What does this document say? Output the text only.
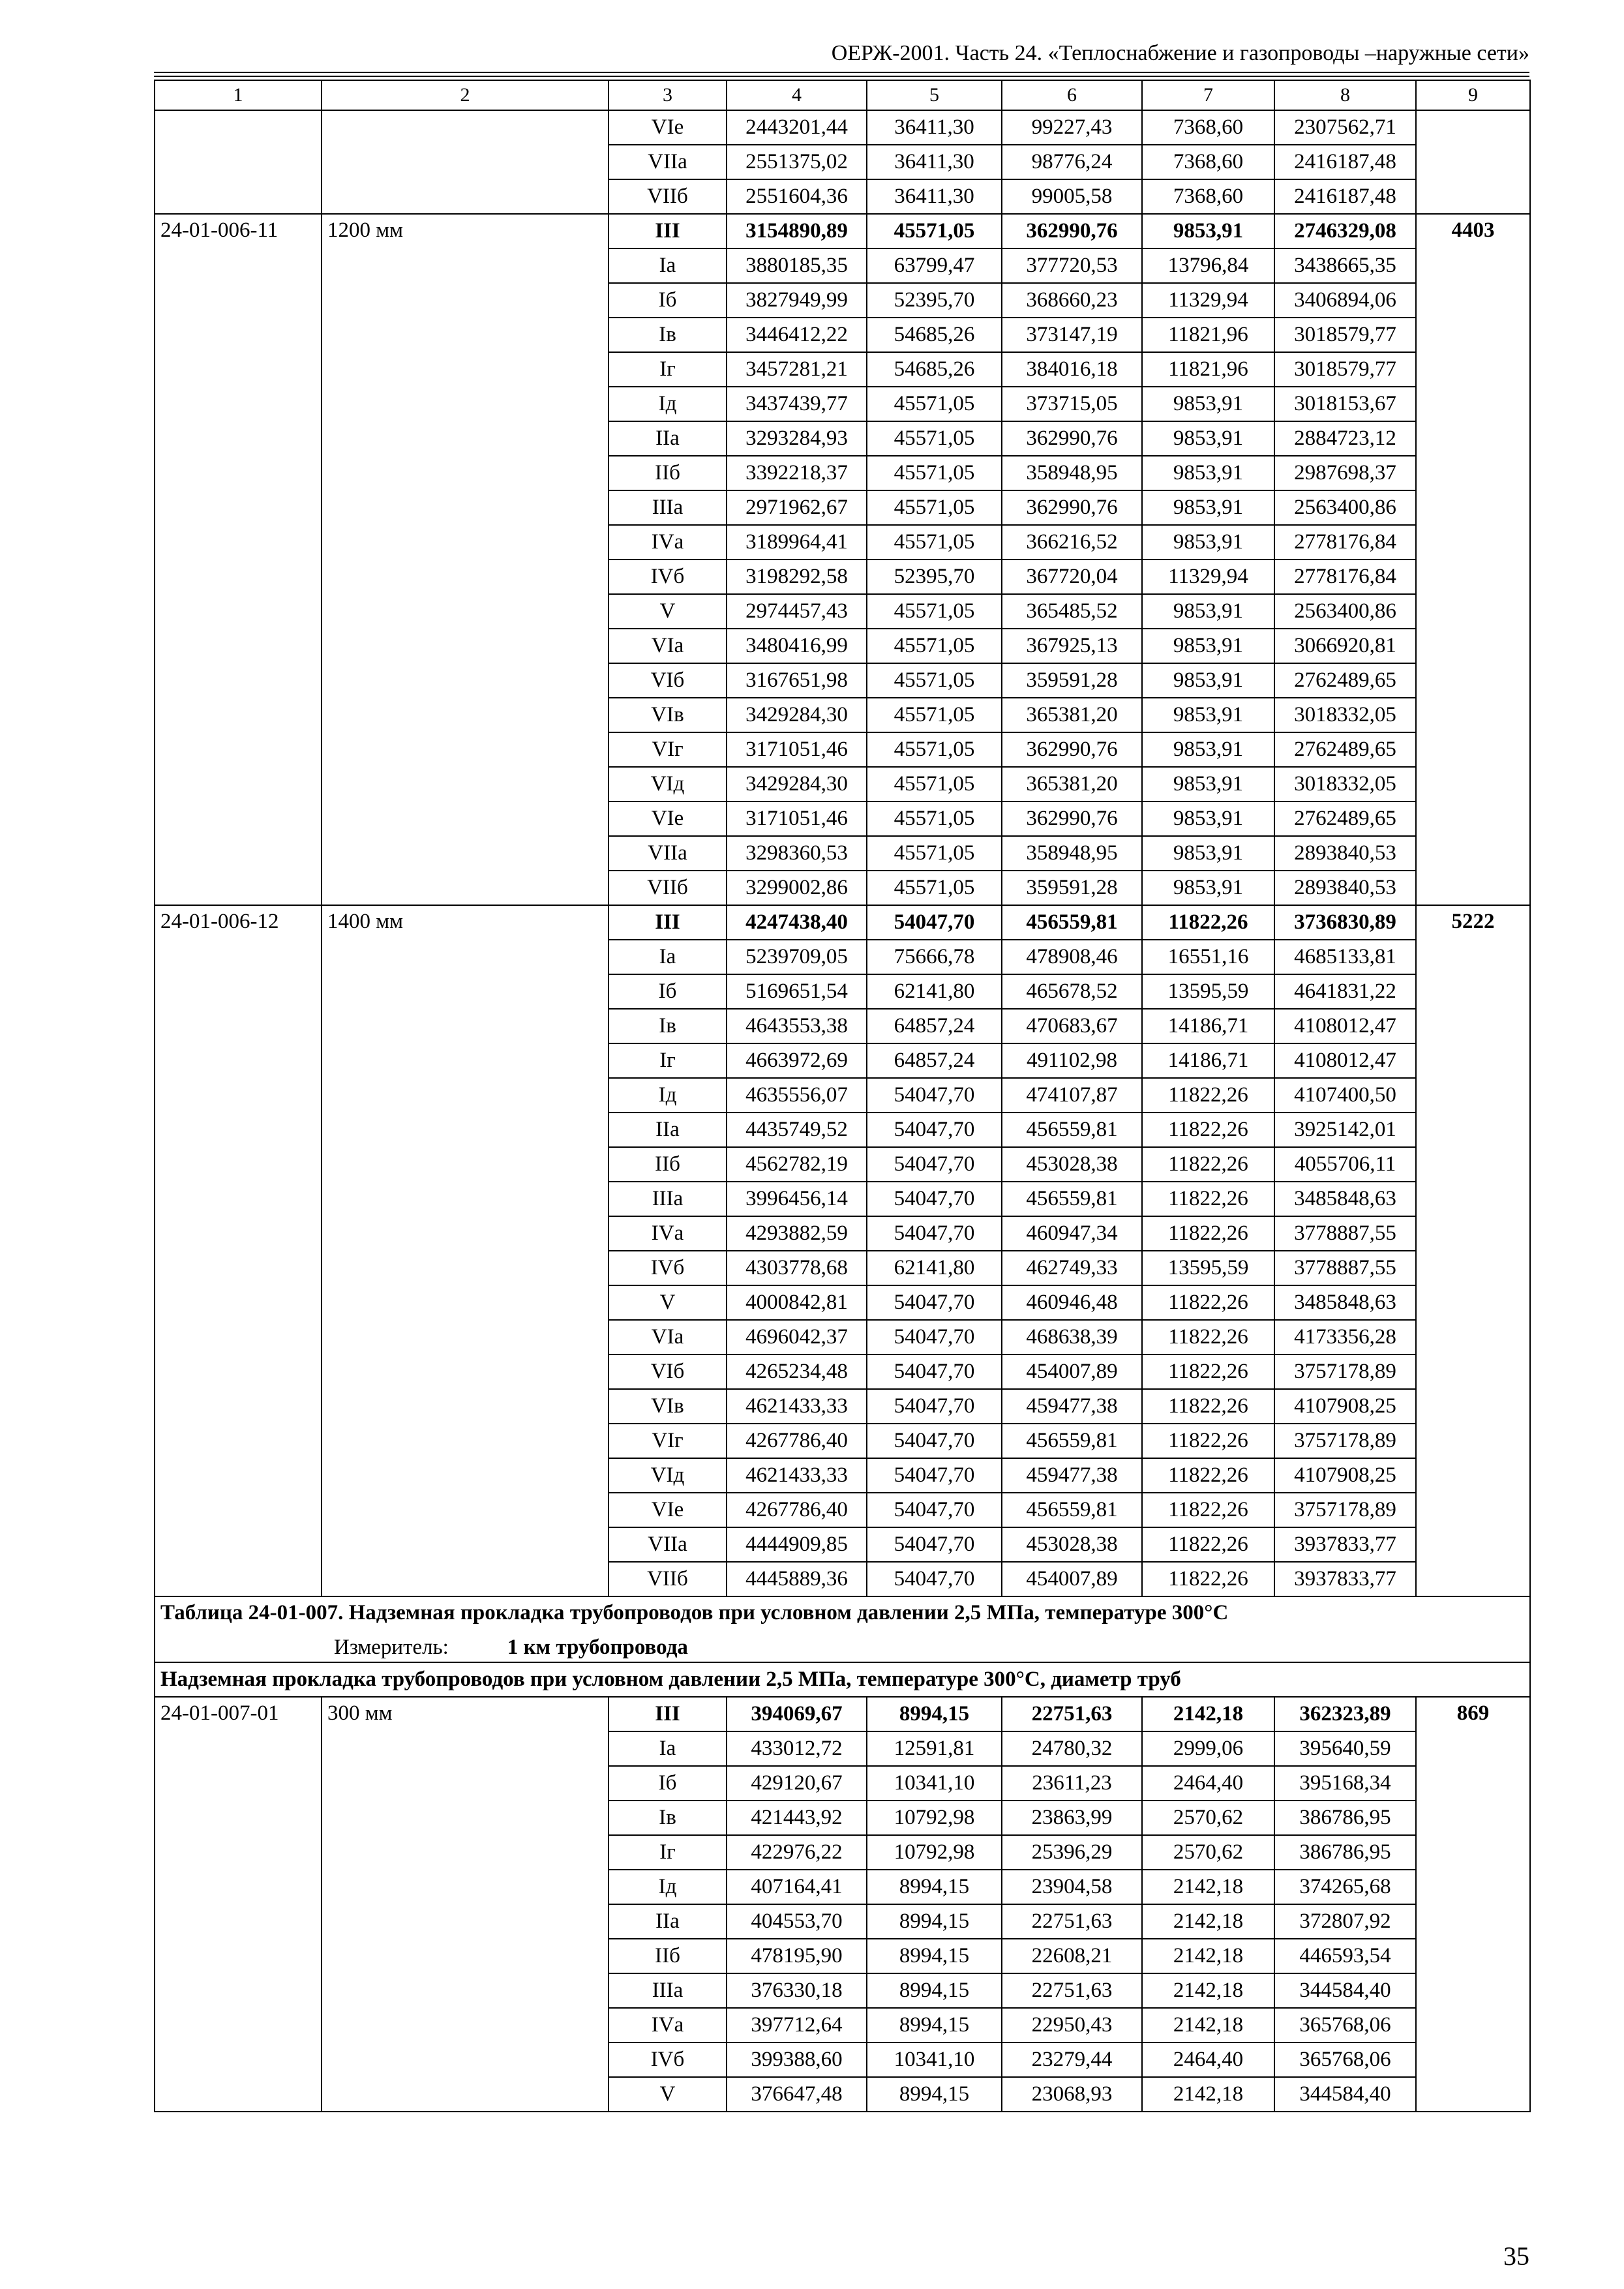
ОЕРЖ-2001. Часть 24. «Теплоснабжение и газопроводы –наружные сети»
1	2	3	4	5	6	7	8	9
		VIе	2443201,44	36411,30	99227,43	7368,60	2307562,71	
		VIIа	2551375,02	36411,30	98776,24	7368,60	2416187,48	
		VIIб	2551604,36	36411,30	99005,58	7368,60	2416187,48	
24-01-006-11	1200 мм	III	3154890,89	45571,05	362990,76	9853,91	2746329,08	4403
		Iа	3880185,35	63799,47	377720,53	13796,84	3438665,35	
		Iб	3827949,99	52395,70	368660,23	11329,94	3406894,06	
		Iв	3446412,22	54685,26	373147,19	11821,96	3018579,77	
		Iг	3457281,21	54685,26	384016,18	11821,96	3018579,77	
		Iд	3437439,77	45571,05	373715,05	9853,91	3018153,67	
		IIа	3293284,93	45571,05	362990,76	9853,91	2884723,12	
		IIб	3392218,37	45571,05	358948,95	9853,91	2987698,37	
		IIIа	2971962,67	45571,05	362990,76	9853,91	2563400,86	
		IVа	3189964,41	45571,05	366216,52	9853,91	2778176,84	
		IVб	3198292,58	52395,70	367720,04	11329,94	2778176,84	
		V	2974457,43	45571,05	365485,52	9853,91	2563400,86	
		VIа	3480416,99	45571,05	367925,13	9853,91	3066920,81	
		VIб	3167651,98	45571,05	359591,28	9853,91	2762489,65	
		VIв	3429284,30	45571,05	365381,20	9853,91	3018332,05	
		VIг	3171051,46	45571,05	362990,76	9853,91	2762489,65	
		VIд	3429284,30	45571,05	365381,20	9853,91	3018332,05	
		VIе	3171051,46	45571,05	362990,76	9853,91	2762489,65	
		VIIа	3298360,53	45571,05	358948,95	9853,91	2893840,53	
		VIIб	3299002,86	45571,05	359591,28	9853,91	2893840,53	
24-01-006-12	1400 мм	III	4247438,40	54047,70	456559,81	11822,26	3736830,89	5222
		Iа	5239709,05	75666,78	478908,46	16551,16	4685133,81	
		Iб	5169651,54	62141,80	465678,52	13595,59	4641831,22	
		Iв	4643553,38	64857,24	470683,67	14186,71	4108012,47	
		Iг	4663972,69	64857,24	491102,98	14186,71	4108012,47	
		Iд	4635556,07	54047,70	474107,87	11822,26	4107400,50	
		IIа	4435749,52	54047,70	456559,81	11822,26	3925142,01	
		IIб	4562782,19	54047,70	453028,38	11822,26	4055706,11	
		IIIа	3996456,14	54047,70	456559,81	11822,26	3485848,63	
		IVа	4293882,59	54047,70	460947,34	11822,26	3778887,55	
		IVб	4303778,68	62141,80	462749,33	13595,59	3778887,55	
		V	4000842,81	54047,70	460946,48	11822,26	3485848,63	
		VIа	4696042,37	54047,70	468638,39	11822,26	4173356,28	
		VIб	4265234,48	54047,70	454007,89	11822,26	3757178,89	
		VIв	4621433,33	54047,70	459477,38	11822,26	4107908,25	
		VIг	4267786,40	54047,70	456559,81	11822,26	3757178,89	
		VIд	4621433,33	54047,70	459477,38	11822,26	4107908,25	
		VIе	4267786,40	54047,70	456559,81	11822,26	3757178,89	
		VIIа	4444909,85	54047,70	453028,38	11822,26	3937833,77	
		VIIб	4445889,36	54047,70	454007,89	11822,26	3937833,77	

Таблица 24-01-007. Надземная прокладка трубопроводов при условном давлении 2,5 МПа, температуре 300°С
Измеритель: 1 км трубопровода								

Надземная прокладка трубопроводов при условном давлении 2,5 МПа, температуре 300°С, диаметр труб								
24-01-007-01	300 мм	III	394069,67	8994,15	22751,63	2142,18	362323,89	869
		Iа	433012,72	12591,81	24780,32	2999,06	395640,59	
		Iб	429120,67	10341,10	23611,23	2464,40	395168,34	
		Iв	421443,92	10792,98	23863,99	2570,62	386786,95	
		Iг	422976,22	10792,98	25396,29	2570,62	386786,95	
		Iд	407164,41	8994,15	23904,58	2142,18	374265,68	
		IIа	404553,70	8994,15	22751,63	2142,18	372807,92	
		IIб	478195,90	8994,15	22608,21	2142,18	446593,54	
		IIIа	376330,18	8994,15	22751,63	2142,18	344584,40	
		IVа	397712,64	8994,15	22950,43	2142,18	365768,06	
		IVб	399388,60	10341,10	23279,44	2464,40	365768,06	
		V	376647,48	8994,15	23068,93	2142,18	344584,40	
35
